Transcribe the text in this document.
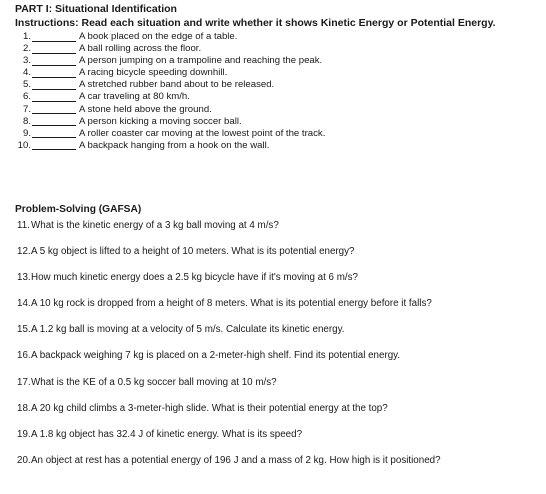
PART I: Situational Identification
Instructions: Read each situation and write whether it shows Kinetic Energy or Potential Energy.
1.	A book placed on the edge of a table.
2.	A ball rolling across the floor.
3.	A person jumping on a trampoline and reaching the peak.
4.	A racing bicycle speeding downhill.
5.	A stretched rubber band about to be released.
6.	A car traveling at 80 km/h.
7.	A stone held above the ground.
8.	A person kicking a moving soccer ball.
9.	A roller coaster car moving at the lowest point of the track.
10.	A backpack hanging from a hook on the wall.
Problem-Solving (GAFSA)
11. What is the kinetic energy of a 3 kg ball moving at 4 m/s?
12. A 5 kg object is lifted to a height of 10 meters. What is its potential energy?
13. How much kinetic energy does a 2.5 kg bicycle have if it's moving at 6 m/s?
14. A 10 kg rock is dropped from a height of 8 meters. What is its potential energy before it falls?
15. A 1.2 kg ball is moving at a velocity of 5 m/s. Calculate its kinetic energy.
16. A backpack weighing 7 kg is placed on a 2-meter-high shelf. Find its potential energy.
17. What is the KE of a 0.5 kg soccer ball moving at 10 m/s?
18. A 20 kg child climbs a 3-meter-high slide. What is their potential energy at the top?
19. A 1.8 kg object has 32.4 J of kinetic energy. What is its speed?
20. An object at rest has a potential energy of 196 J and a mass of 2 kg. How high is it positioned?
